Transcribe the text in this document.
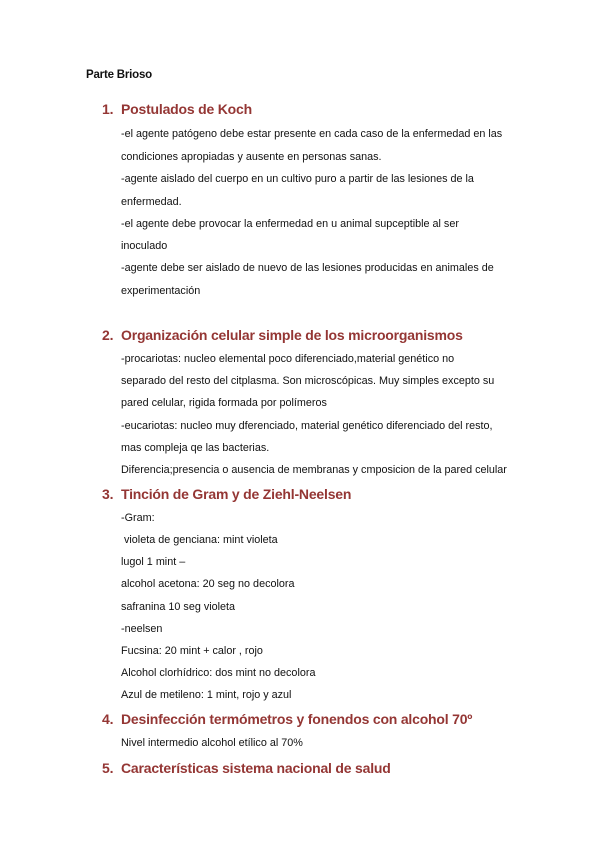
Parte Brioso
1. Postulados de Koch
-el agente patógeno debe estar presente en cada caso de la enfermedad en las
condiciones apropiadas y ausente en personas sanas.
-agente aislado del cuerpo en un cultivo puro a partir de las lesiones de la
enfermedad.
-el agente debe provocar la enfermedad en u animal supceptible al ser
inoculado
-agente debe ser aislado de nuevo de las lesiones producidas en animales de
experimentación
2. Organización celular simple de los microorganismos
-procariotas: nucleo elemental poco diferenciado,material genético no
separado del resto del citplasma. Son microscópicas. Muy simples excepto su
pared celular, rigida formada por polímeros
-eucariotas: nucleo muy dferenciado, material genético diferenciado del resto,
mas compleja qe las bacterias.
Diferencia;presencia o ausencia de membranas y cmposicion de la pared celular
3. Tinción de Gram y de Ziehl-Neelsen
-Gram:
violeta de genciana: mint violeta
lugol 1 mint –
alcohol acetona: 20 seg no decolora
safranina 10 seg violeta
-neelsen
Fucsina: 20 mint + calor , rojo
Alcohol clorhídrico: dos mint no decolora
Azul de metileno: 1 mint, rojo y azul
4. Desinfección termómetros y fonendos con alcohol 70º
Nivel intermedio alcohol etílico al 70%
5. Características sistema nacional de salud
